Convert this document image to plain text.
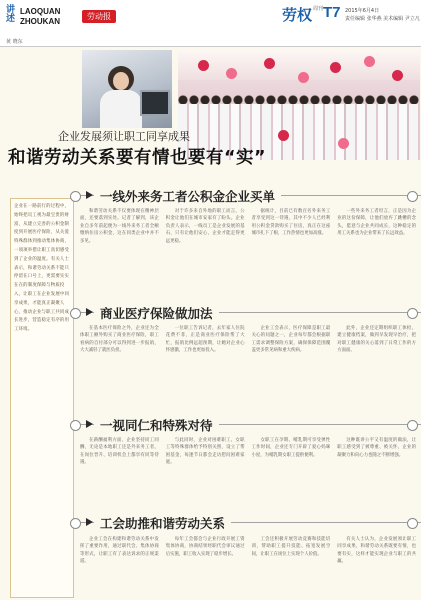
讲述
LAOQUAN
ZHOUKAN
劳动报	劳权 周刊 T7 2015年6月4日
责任编辑 张华燕 美术编辑 尹立凡
黄 晓东
企业发展须让职工同享成果
和谐劳动关系要有情也要有“实”
企业在一路前行的过程中，始终把员工视为最宝贵的财富，从建立完善的公积金制度到开展医疗保险，从关爱特殊群体到推动集体协商，一项项举措让职工真切感受到了企业的温度。有关人士表示，和谐劳动关系不能只停留在口号上，更需要实实在在的制度保障与物质投入，让职工在企业发展中同享成果，才能真正凝聚人心，推动企业与职工共同成长进步，营造稳定有序的用工环境。
一线外来务工者公积金企业买单
和谐劳动关系不仅要体现在精神层面，还要落到实处。记者了解到，该企业自多年前起便为一线外来务工者全额缴纳住房公积金，这在同类企业中并不多见。
对于许多来自外地的职工而言，公积金让他们在城市安家有了盼头。企业负责人表示，一线员工是企业发展的基石，只有让他们安心，企业才能走得更远更稳。
据统计，目前已有数百名外来务工者享受到这一待遇，其中不少人已经利用公积金贷款购买了住房，真正在这座城市扎下了根，工作热情也更加高涨。
一些外来务工者坦言，正是因为企业的这份保障，让他们放弃了跳槽的念头，愿意与企业共同成长，这种稳定的用工关系也为企业带来了长远效益。
商业医疗保险做加法
在基本医疗保险之外，企业还为全体职工额外购买了商业医疗保险，职工看病的自付部分可以得到进一步报销，大大减轻了就医负担。
一位职工告诉记者，去年家人住院花费不菲，正是商业医疗保险帮了大忙，报销比例远超预期，让她对企业心怀感激，工作也更加投入。
企业工会表示，医疗保障是职工最关心的问题之一，企业每年都会根据职工需求调整保险方案，确保保障范围覆盖更多常见病和重大疾病。
此外，企业还定期组织职工体检，建立健康档案，做到早发现早治疗，把对职工健康的关心落到了日常工作的方方面面。
一视同仁和特殊对待
在薪酬福利方面，企业坚持同工同酬，无论是本地职工还是外来务工者，在岗位晋升、培训机会上都享有同等待遇。
与此同时，企业对困难职工、女职工等特殊群体给予特别关照，设立了帮困基金，每逢节日都会走访慰问困难家庭。
女职工在孕期、哺乳期可享受弹性工作时间，企业还专门开辟了爱心妈咪小屋，为哺乳期女职工提供便利。
这种既讲公平又有温度的做法，让职工感受到了被尊重、被关怀，企业的凝聚力和向心力也随之不断增强。
工会助推和谐劳动关系
企业工会在构建和谐劳动关系中发挥了重要作用，通过职代会、集体协商等形式，让职工有了表达诉求的正规渠道。
每年工会都会与企业行政开展工资集体协商，协商结果经职代会审议通过后实施，职工收入实现了稳步增长。
工会还积极开展劳动竞赛和技能培训，帮助职工提升技能、拓宽发展空间，让职工在岗位上实现个人价值。
有关人士认为，企业发展须让职工同享成果，和谐劳动关系既要有情，也要有实，这样才能实现企业与职工的共赢。
